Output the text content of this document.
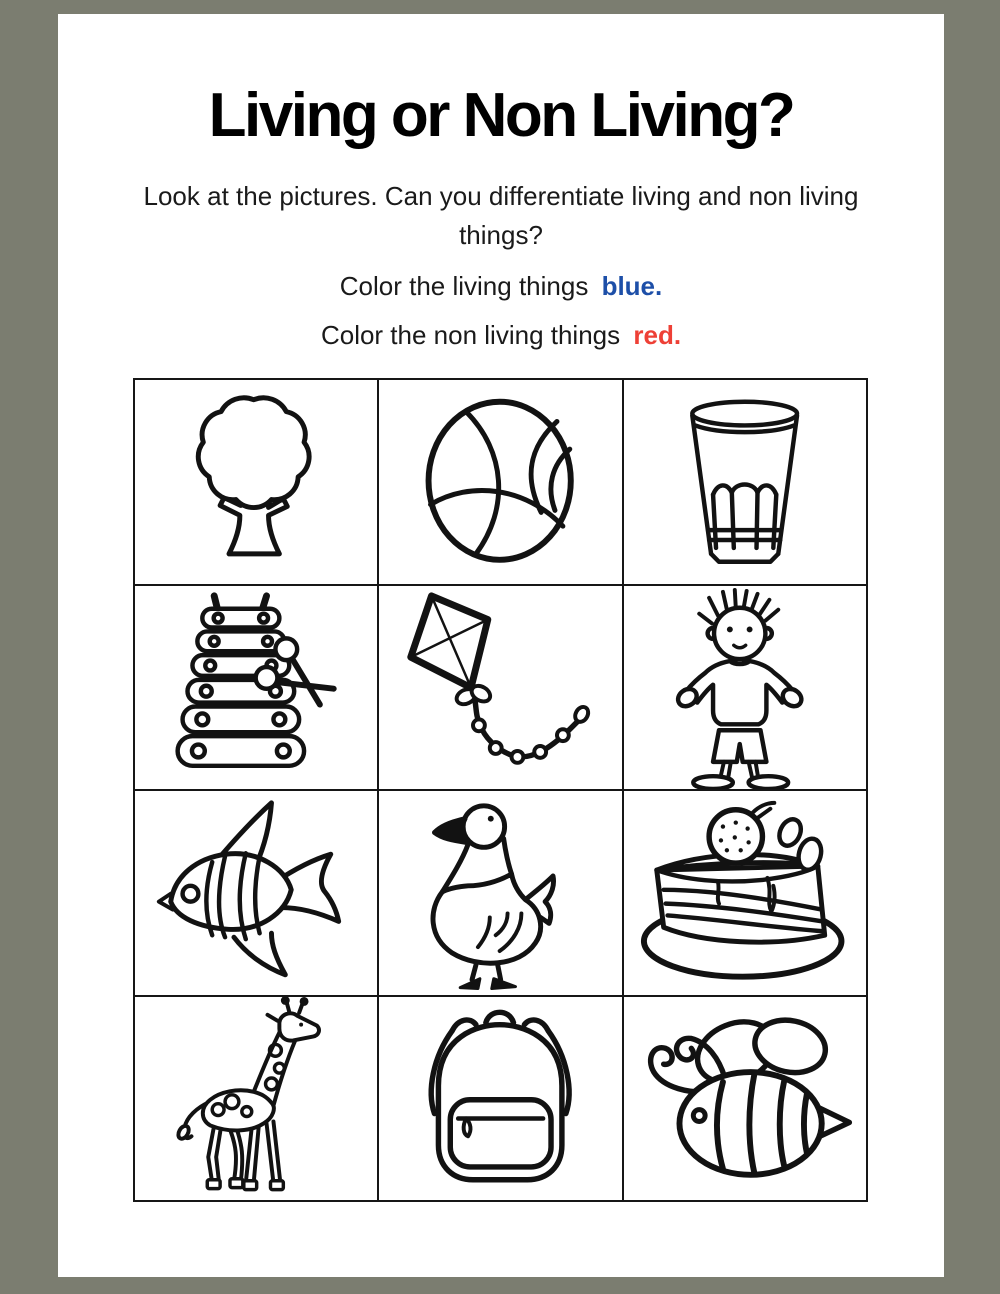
Living or Non Living?

Look at the pictures. Can you differentiate living and non living things?

Color the living things blue.

Color the non living things red.
